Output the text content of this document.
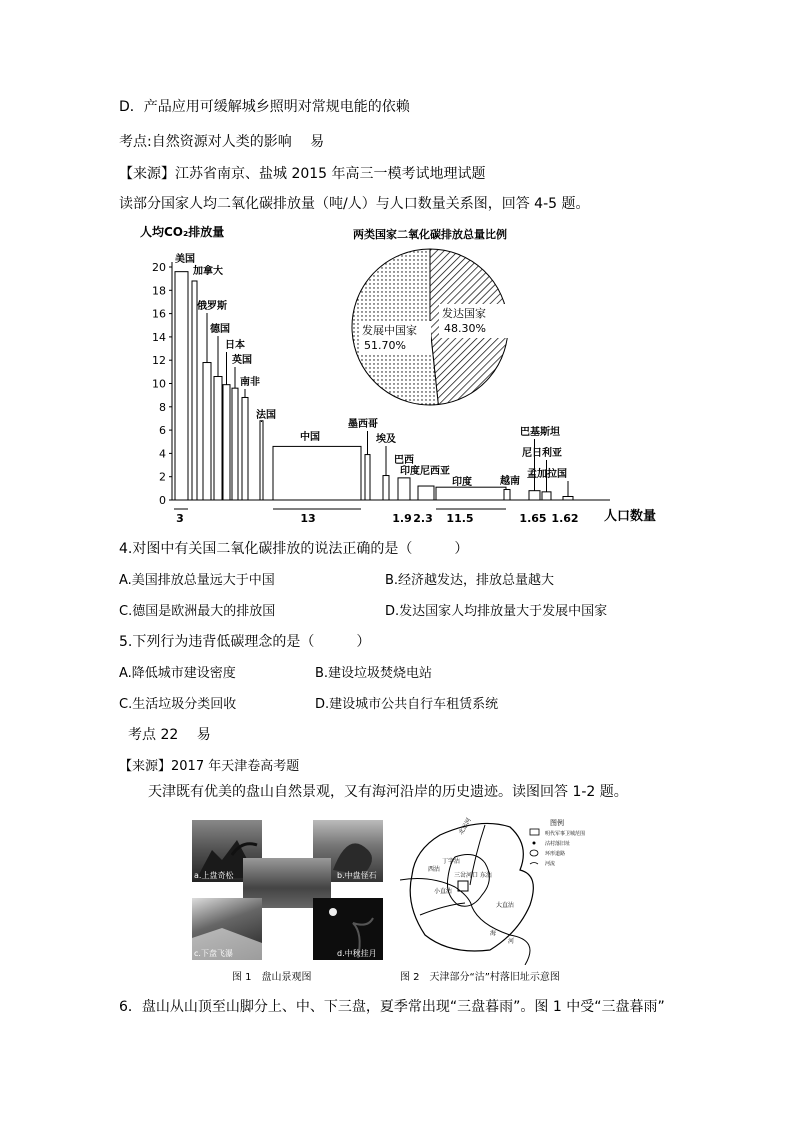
D．产品应用可缓解城乡照明对常规电能的依赖
考点:自然资源对人类的影响　 易
【来源】江苏省南京、盐城 2015 年高三一模考试地理试题
读部分国家人均二氧化碳排放量（吨/人）与人口数量关系图，回答 4-5 题。
人均CO₂排放量
0
2
4
6
8
10
12
14
16
18
20
人口数量
美国
加拿大
俄罗斯
德国
日本
英国
南非
法国
中国
墨西哥
埃及
巴西
印度尼西亚
印度	越南
巴基斯坦
尼日利亚
孟加拉国
3	13	1.9 2.3 11.5	1.65 1.62
两类国家二氧化碳排放总量比例
发达国家
48.30%
发展中国家
51.70%
4.对图中有关国二氧化碳排放的说法正确的是（　　　）
A.美国排放总量远大于中国	B.经济越发达，排放总量越大
C.德国是欧洲最大的排放国	D.发达国家人均排放量大于发展中国家
5.下列行为违背低碳理念的是（　　　）
A.降低城市建设密度	B.建设垃圾焚烧电站
C.生活垃圾分类回收	D.建设城市公共自行车租赁系统
考点 22　 易
【来源】2017 年天津卷高考题
天津既有优美的盘山自然景观，又有海河沿岸的历史遗迹。读图回答 1-2 题。
a.上盘奇松	b.中盘怪石
c.下盘飞瀑	d.中秋挂月
图 1　盘山景观图
北运河
丁字沽
西沽
东沽
三岔河口
小直沽
大直沽
海
河
图例
明代军事卫城范围
沽村落旧址
环形道路
河流
图 2　天津部分“沽”村落旧址示意图
6．盘山从山顶至山脚分上、中、下三盘，夏季常出现“三盘暮雨”。图 1 中受“三盘暮雨”
